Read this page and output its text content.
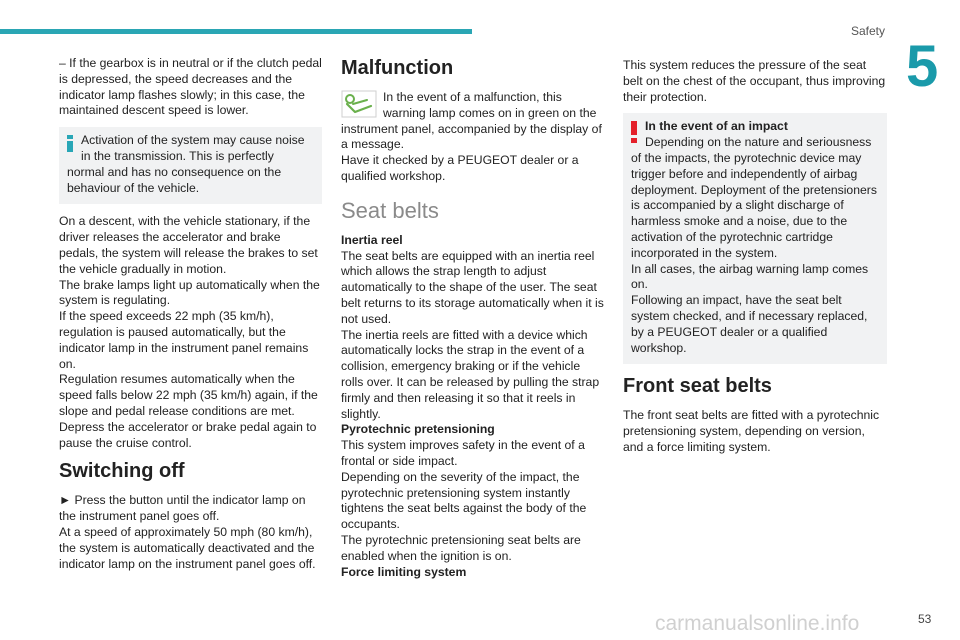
Safety
5
53
carmanualsonline.info

– If the gearbox is in neutral or if the clutch pedal is depressed, the speed decreases and the indicator lamp flashes slowly; in this case, the maintained descent speed is lower.

Activation of the system may cause noise in the transmission. This is perfectly normal and has no consequence on the behaviour of the vehicle.

On a descent, with the vehicle stationary, if the driver releases the accelerator and brake pedals, the system will release the brakes to set the vehicle gradually in motion.

The brake lamps light up automatically when the system is regulating.

If the speed exceeds 22 mph (35 km/h), regulation is paused automatically, but the indicator lamp in the instrument panel remains on.

Regulation resumes automatically when the speed falls below 22 mph (35 km/h) again, if the slope and pedal release conditions are met.

Depress the accelerator or brake pedal again to pause the cruise control.

Switching off

► Press the button until the indicator lamp on the instrument panel goes off.

At a speed of approximately 50 mph (80 km/h), the system is automatically deactivated and the indicator lamp on the instrument panel goes off.

Malfunction

In the event of a malfunction, this warning lamp comes on in green on the instrument panel, accompanied by the display of a message.

Have it checked by a PEUGEOT dealer or a qualified workshop.

Seat belts

Inertia reel

The seat belts are equipped with an inertia reel which allows the strap length to adjust automatically to the shape of the user. The seat belt returns to its storage automatically when it is not used.

The inertia reels are fitted with a device which automatically locks the strap in the event of a collision, emergency braking or if the vehicle rolls over. It can be released by pulling the strap firmly and then releasing it so that it reels in slightly.

Pyrotechnic pretensioning

This system improves safety in the event of a frontal or side impact.

Depending on the severity of the impact, the pyrotechnic pretensioning system instantly tightens the seat belts against the body of the occupants.

The pyrotechnic pretensioning seat belts are enabled when the ignition is on.

Force limiting system

This system reduces the pressure of the seat belt on the chest of the occupant, thus improving their protection.

In the event of an impact

Depending on the nature and seriousness of the impacts, the pyrotechnic device may trigger before and independently of airbag deployment. Deployment of the pretensioners is accompanied by a slight discharge of harmless smoke and a noise, due to the activation of the pyrotechnic cartridge incorporated in the system.

In all cases, the airbag warning lamp comes on.

Following an impact, have the seat belt system checked, and if necessary replaced, by a PEUGEOT dealer or a qualified workshop.

Front seat belts

The front seat belts are fitted with a pyrotechnic pretensioning system, depending on version, and a force limiting system.
